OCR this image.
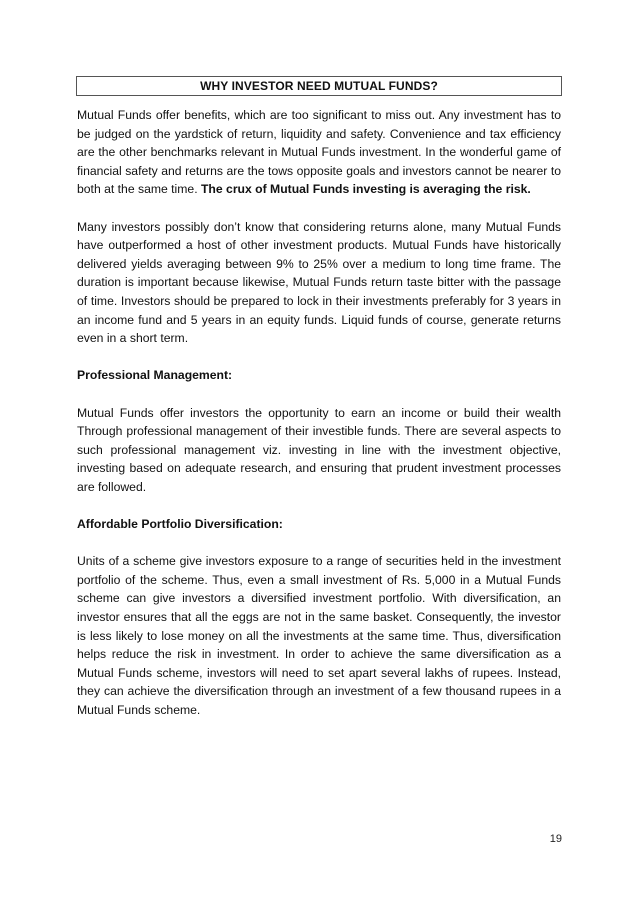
WHY INVESTOR NEED MUTUAL FUNDS?

Mutual Funds offer benefits, which are too significant to miss out. Any investment has to be judged on the yardstick of return, liquidity and safety. Convenience and tax efficiency are the other benchmarks relevant in Mutual Funds investment. In the wonderful game of financial safety and returns are the tows opposite goals and investors cannot be nearer to both at the same time. The crux of Mutual Funds investing is averaging the risk.

Many investors possibly don’t know that considering returns alone, many Mutual Funds have outperformed a host of other investment products. Mutual Funds have historically delivered yields averaging between 9% to 25% over a medium to long time frame. The duration is important because likewise, Mutual Funds return taste bitter with the passage of time. Investors should be prepared to lock in their investments preferably for 3 years in an income fund and 5 years in an equity funds. Liquid funds of course, generate returns even in a short term.

Professional Management:

Mutual Funds offer investors the opportunity to earn an income or build their wealth Through professional management of their investible funds. There are several aspects to such professional management viz. investing in line with the investment objective, investing based on adequate research, and ensuring that prudent investment processes are followed.

Affordable Portfolio Diversification:

Units of a scheme give investors exposure to a range of securities held in the investment portfolio of the scheme. Thus, even a small investment of Rs. 5,000 in a Mutual Funds scheme can give investors a diversified investment portfolio. With diversification, an investor ensures that all the eggs are not in the same basket. Consequently, the investor is less likely to lose money on all the investments at the same time. Thus, diversification helps reduce the risk in investment. In order to achieve the same diversification as a Mutual Funds scheme, investors will need to set apart several lakhs of rupees. Instead, they can achieve the diversification through an investment of a few thousand rupees in a Mutual Funds scheme.

19
